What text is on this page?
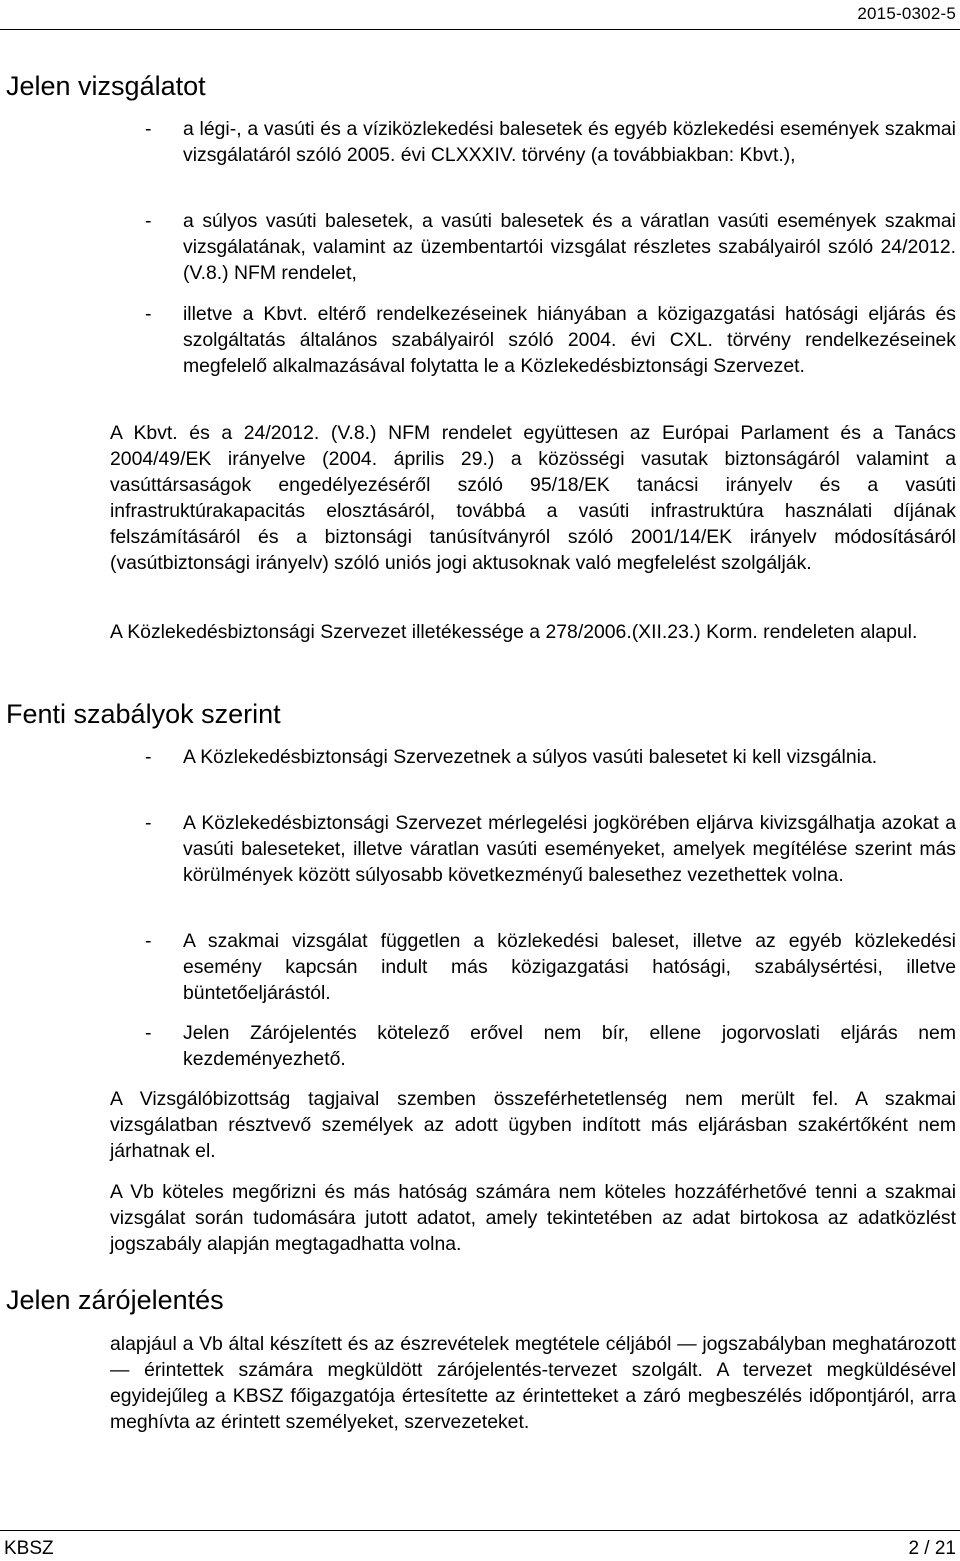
2015-0302-5
Jelen vizsgálatot
- a légi-, a vasúti és a víziközlekedési balesetek és egyéb közlekedési események szakmai vizsgálatáról szóló 2005. évi CLXXXIV. törvény (a továbbiakban: Kbvt.),
- a súlyos vasúti balesetek, a vasúti balesetek és a váratlan vasúti események szakmai vizsgálatának, valamint az üzembentartói vizsgálat részletes szabályairól szóló 24/2012. (V.8.) NFM rendelet,
- illetve a Kbvt. eltérő rendelkezéseinek hiányában a közigazgatási hatósági eljárás és szolgáltatás általános szabályairól szóló 2004. évi CXL. törvény rendelkezéseinek megfelelő alkalmazásával folytatta le a Közlekedésbiztonsági Szervezet.

A Kbvt. és a 24/2012. (V.8.) NFM rendelet együttesen az Európai Parlament és a Tanács 2004/49/EK irányelve (2004. április 29.) a közösségi vasutak biztonságáról valamint a vasúttársaságok engedélyezéséről szóló 95/18/EK tanácsi irányelv és a vasúti infrastruktúrakapacitás elosztásáról, továbbá a vasúti infrastruktúra használati díjának felszámításáról és a biztonsági tanúsítványról szóló 2001/14/EK irányelv módosításáról (vasútbiztonsági irányelv) szóló uniós jogi aktusoknak való megfelelést szolgálják.

A Közlekedésbiztonsági Szervezet illetékessége a 278/2006.(XII.23.) Korm. rendeleten alapul.

Fenti szabályok szerint
- A Közlekedésbiztonsági Szervezetnek a súlyos vasúti balesetet ki kell vizsgálnia.
- A Közlekedésbiztonsági Szervezet mérlegelési jogkörében eljárva kivizsgálhatja azokat a vasúti baleseteket, illetve váratlan vasúti eseményeket, amelyek megítélése szerint más körülmények között súlyosabb következményű balesethez vezethettek volna.
- A szakmai vizsgálat független a közlekedési baleset, illetve az egyéb közlekedési esemény kapcsán indult más közigazgatási hatósági, szabálysértési, illetve büntetőeljárástól.
- Jelen Zárójelentés kötelező erővel nem bír, ellene jogorvoslati eljárás nem kezdeményezhető.

A Vizsgálóbizottság tagjaival szemben összeférhetetlenség nem merült fel. A szakmai vizsgálatban résztvevő személyek az adott ügyben indított más eljárásban szakértőként nem járhatnak el.

A Vb köteles megőrizni és más hatóság számára nem köteles hozzáférhetővé tenni a szakmai vizsgálat során tudomására jutott adatot, amely tekintetében az adat birtokosa az adatközlést jogszabály alapján megtagadhatta volna.

Jelen zárójelentés

alapjául a Vb által készített és az észrevételek megtétele céljából — jogszabályban meghatározott — érintettek számára megküldött zárójelentés-tervezet szolgált. A tervezet megküldésével egyidejűleg a KBSZ főigazgatója értesítette az érintetteket a záró megbeszélés időpontjáról, arra meghívta az érintett személyeket, szervezeteket.

KBSZ	2 / 21
